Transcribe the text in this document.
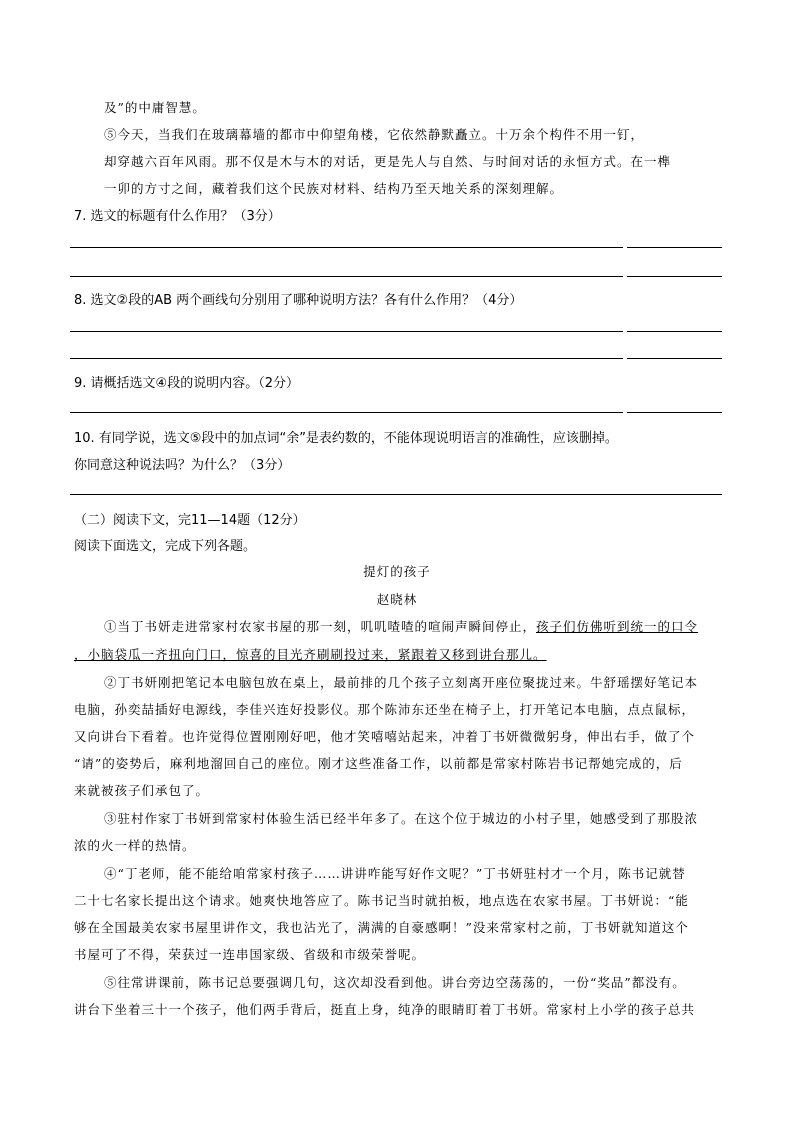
及”的中庸智慧。
⑤今天，当我们在玻璃幕墙的都市中仰望角楼，它依然静默矗立。十万余个构件不用一钉，
却穿越六百年风雨。那不仅是木与木的对话，更是先人与自然、与时间对话的永恒方式。在一榫
一卯的方寸之间，藏着我们这个民族对材料、结构乃至天地关系的深刻理解。
7. 选文的标题有什么作用？（3分）
8. 选文②段的AB 两个画线句分别用了哪种说明方法？各有什么作用？（4分）
9. 请概括选文④段的说明内容。（2分）
10. 有同学说，选文⑤段中的加点词“余”是表约数的，不能体现说明语言的准确性，应该删掉。
你同意这种说法吗？为什么？（3分）
（二）阅读下文，完11—14题（12分）
阅读下面选文，完成下列各题。
提灯的孩子
赵晓林
①当丁书妍走进常家村农家书屋的那一刻，叽叽喳喳的喧闹声瞬间停止，孩子们仿佛听到统一的口令
，小脑袋瓜一齐扭向门口，惊喜的目光齐刷刷投过来，紧跟着又移到讲台那儿。
②丁书妍刚把笔记本电脑包放在桌上，最前排的几个孩子立刻离开座位聚拢过来。牛舒瑶摆好笔记本
电脑，孙奕喆插好电源线，李佳兴连好投影仪。那个陈沛东还坐在椅子上，打开笔记本电脑，点点鼠标，
又向讲台下看着。也许觉得位置刚刚好吧，他才笑嘻嘻站起来，冲着丁书妍微微躬身，伸出右手，做了个
“请”的姿势后，麻利地溜回自己的座位。刚才这些准备工作，以前都是常家村陈岩书记帮她完成的，后
来就被孩子们承包了。
③驻村作家丁书妍到常家村体验生活已经半年多了。在这个位于城边的小村子里，她感受到了那股浓
浓的火一样的热情。
④“丁老师，能不能给咱常家村孩子……讲讲咋能写好作文呢？”丁书妍驻村才一个月，陈书记就替
二十七名家长提出这个请求。她爽快地答应了。陈书记当时就拍板，地点选在农家书屋。丁书妍说：“能
够在全国最美农家书屋里讲作文，我也沾光了，满满的自豪感啊！”没来常家村之前，丁书妍就知道这个
书屋可了不得，荣获过一连串国家级、省级和市级荣誉呢。
⑤往常讲课前，陈书记总要强调几句，这次却没看到他。讲台旁边空荡荡的，一份“奖品”都没有。
讲台下坐着三十一个孩子，他们两手背后，挺直上身，纯净的眼睛盯着丁书妍。常家村上小学的孩子总共
